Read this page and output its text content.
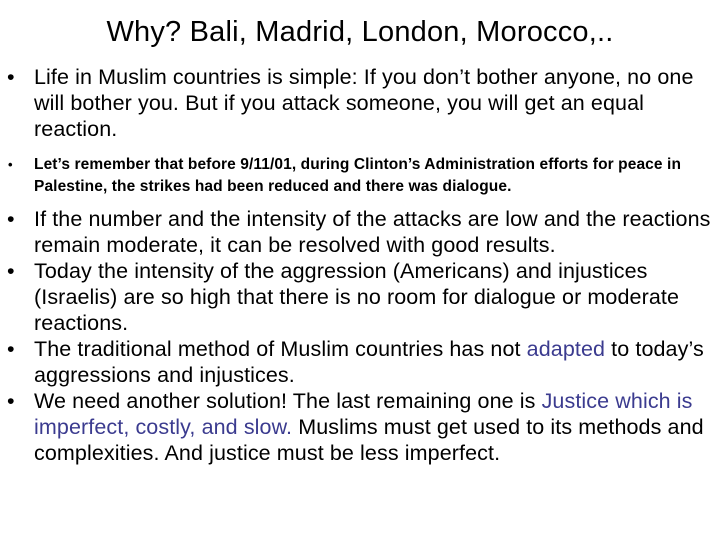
Why? Bali, Madrid, London, Morocco,..
• Life in Muslim countries is simple: If you don’t bother anyone, no one will bother you. But if you attack someone, you will get an equal reaction.
• Let’s remember that before 9/11/01, during Clinton’s Administration efforts for peace in Palestine, the strikes had been reduced and there was dialogue.
• If the number and the intensity of the attacks are low and the reactions remain moderate, it can be resolved with good results.
• Today the intensity of the aggression (Americans) and injustices (Israelis) are so high that there is no room for dialogue or moderate reactions.
• The traditional method of Muslim countries has not adapted to today’s aggressions and injustices.
• We need another solution! The last remaining one is Justice which is imperfect, costly, and slow. Muslims must get used to its methods and complexities. And justice must be less imperfect.
